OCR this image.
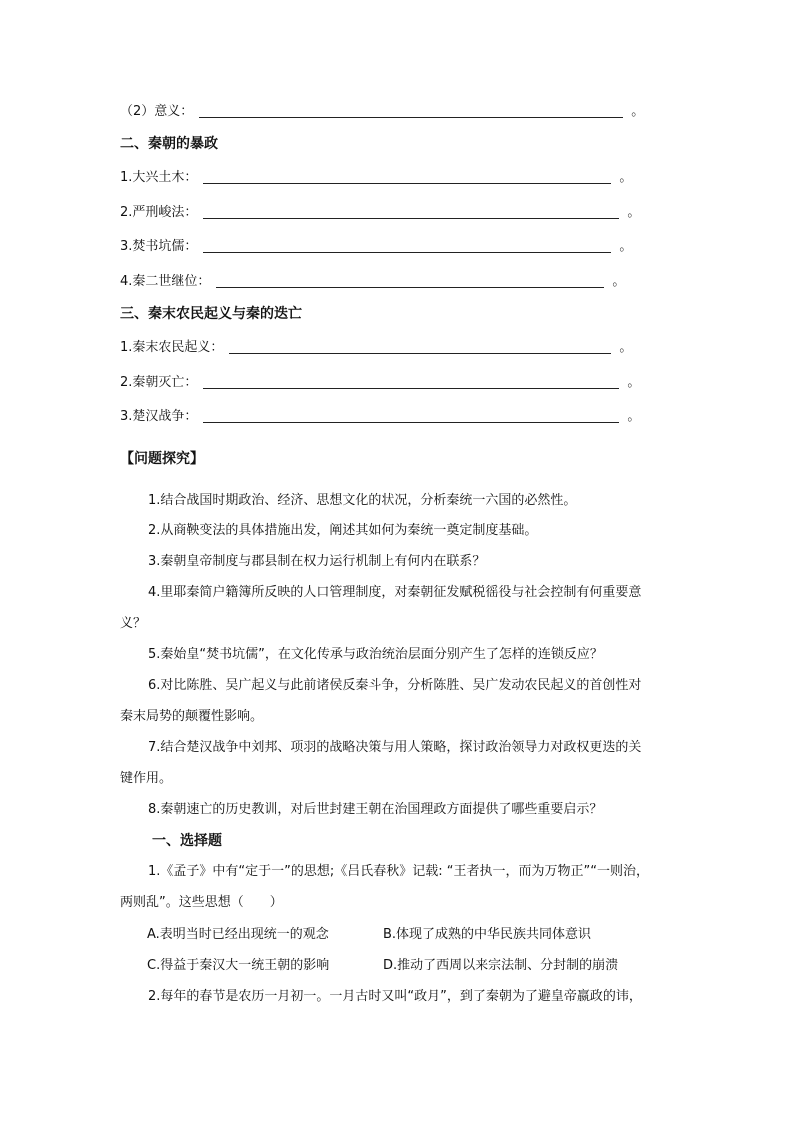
（2）意义：	。
二、秦朝的暴政
1.大兴土木：	。
2.严刑峻法：	。
3.焚书坑儒：	。
4.秦二世继位：	。
三、秦末农民起义与秦的迭亡
1.秦末农民起义：	。
2.秦朝灭亡：	。
3.楚汉战争：	。
【问题探究】
1.结合战国时期政治、经济、思想文化的状况，分析秦统一六国的必然性。
2.从商鞅变法的具体措施出发，阐述其如何为秦统一奠定制度基础。
3.秦朝皇帝制度与郡县制在权力运行机制上有何内在联系？
4.里耶秦简户籍簿所反映的人口管理制度，对秦朝征发赋税徭役与社会控制有何重要意
义？
5.秦始皇“焚书坑儒”，在文化传承与政治统治层面分别产生了怎样的连锁反应？
6.对比陈胜、吴广起义与此前诸侯反秦斗争，分析陈胜、吴广发动农民起义的首创性对
秦末局势的颠覆性影响。
7.结合楚汉战争中刘邦、项羽的战略决策与用人策略，探讨政治领导力对政权更迭的关
键作用。
8.秦朝速亡的历史教训，对后世封建王朝在治国理政方面提供了哪些重要启示？
一、选择题
1.《孟子》中有“定于一”的思想;《吕氏春秋》记载: “王者执一，而为万物正”“一则治，
两则乱”。这些思想（　　）
A.表明当时已经出现统一的观念	B.体现了成熟的中华民族共同体意识
C.得益于秦汉大一统王朝的影响	D.推动了西周以来宗法制、分封制的崩溃
2.每年的春节是农历一月初一。一月古时又叫“政月”，到了秦朝为了避皇帝嬴政的讳，
